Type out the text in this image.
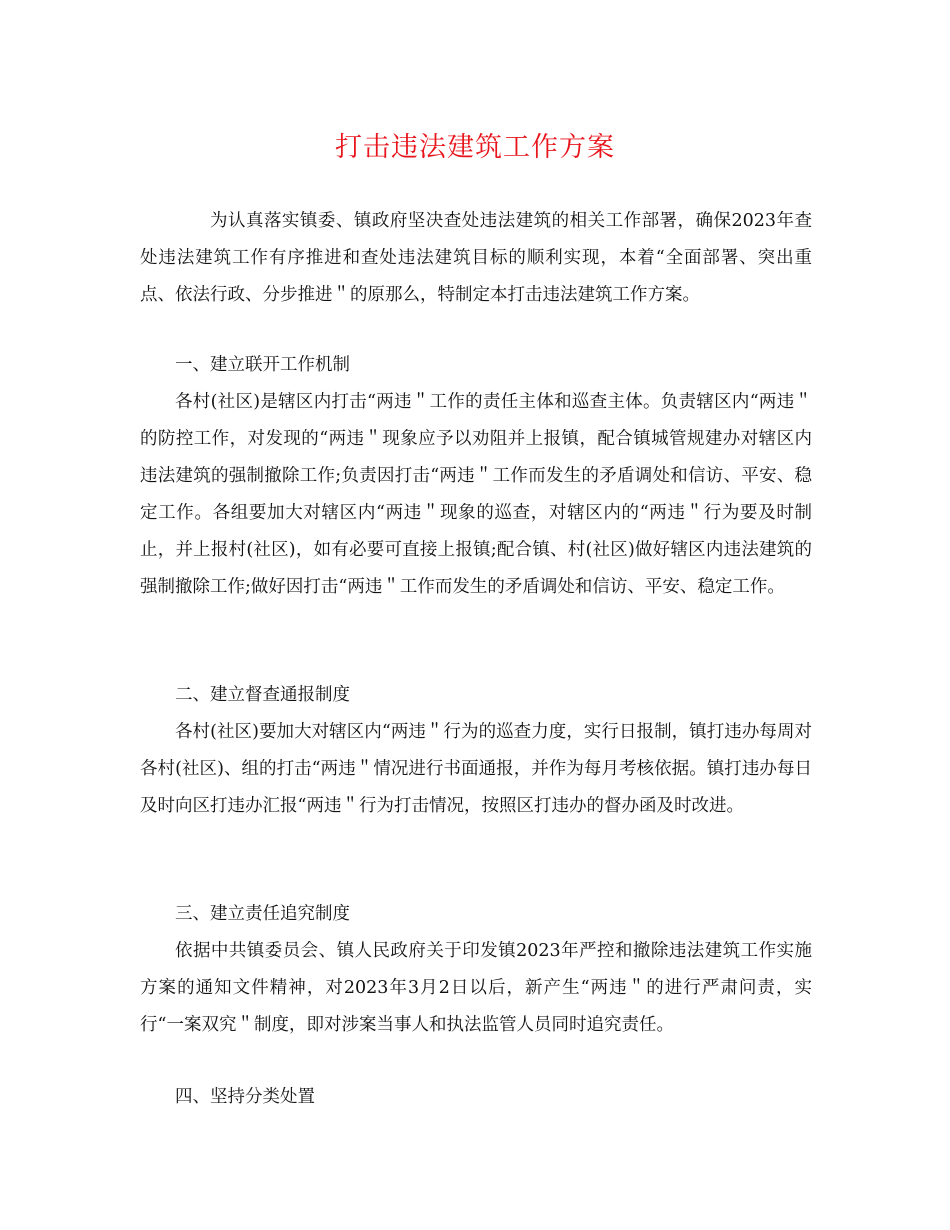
打击违法建筑工作方案
为认真落实镇委、镇政府坚决查处违法建筑的相关工作部署，确保2023年查处违法建筑工作有序推进和查处违法建筑目标的顺利实现，本着“全面部署、突出重点、依法行政、分步推进＂的原那么，特制定本打击违法建筑工作方案。
一、建立联开工作机制
各村(社区)是辖区内打击“两违＂工作的责任主体和巡查主体。负责辖区内“两违＂的防控工作，对发现的“两违＂现象应予以劝阻并上报镇，配合镇城管规建办对辖区内违法建筑的强制撤除工作;负责因打击“两违＂工作而发生的矛盾调处和信访、平安、稳定工作。各组要加大对辖区内“两违＂现象的巡查，对辖区内的“两违＂行为要及时制止，并上报村(社区)，如有必要可直接上报镇;配合镇、村(社区)做好辖区内违法建筑的强制撤除工作;做好因打击“两违＂工作而发生的矛盾调处和信访、平安、稳定工作。
二、建立督查通报制度
各村(社区)要加大对辖区内“两违＂行为的巡查力度，实行日报制，镇打违办每周对各村(社区)、组的打击“两违＂情况进行书面通报，并作为每月考核依据。镇打违办每日及时向区打违办汇报“两违＂行为打击情况，按照区打违办的督办函及时改进。
三、建立责任追究制度
依据中共镇委员会、镇人民政府关于印发镇2023年严控和撤除违法建筑工作实施方案的通知文件精神，对2023年3月2日以后，新产生“两违＂的进行严肃问责，实行“一案双究＂制度，即对涉案当事人和执法监管人员同时追究责任。
四、坚持分类处置
